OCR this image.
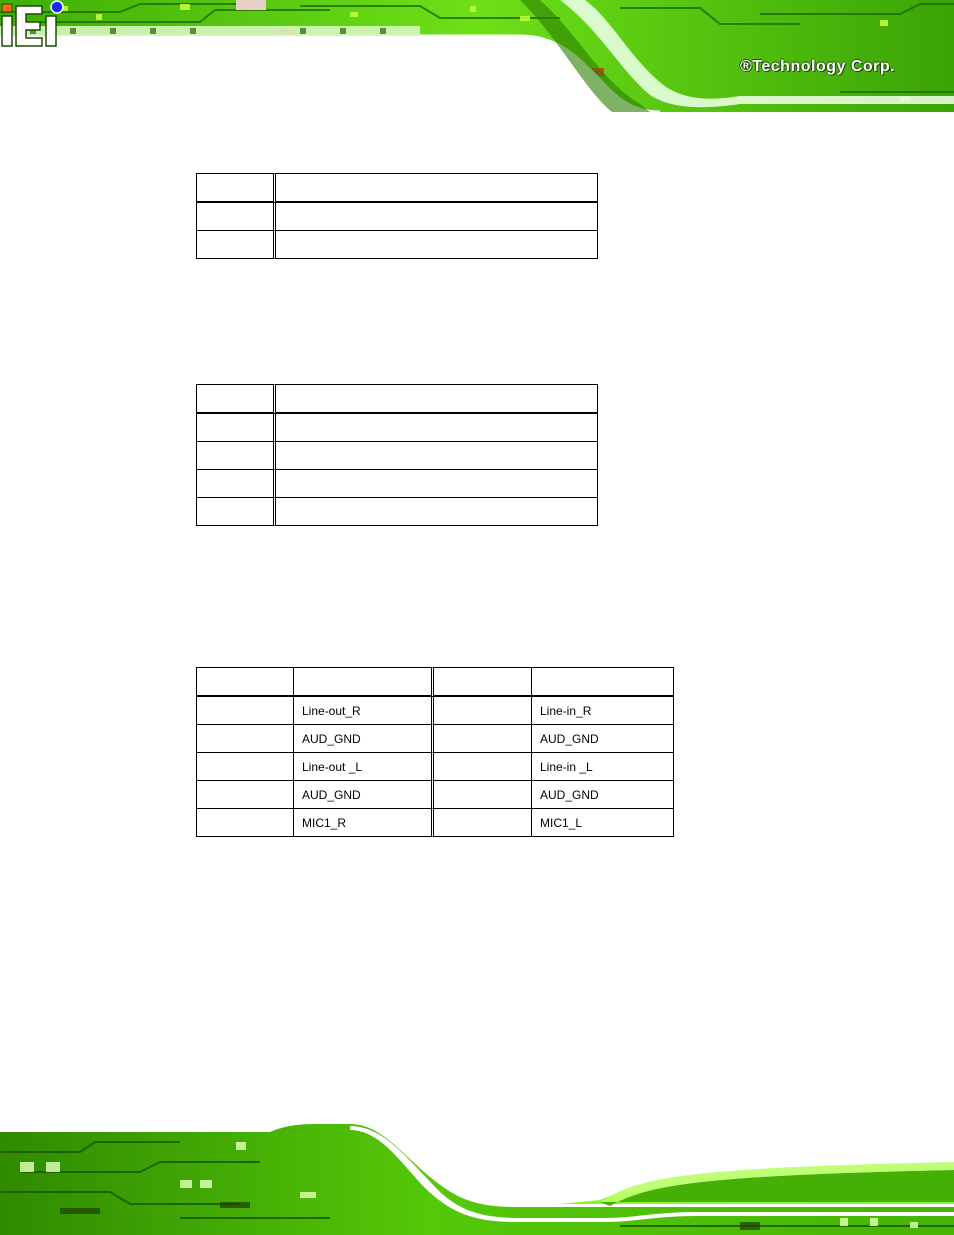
®Technology Corp.

	Line-out_R		Line-in_R
	AUD_GND		AUD_GND
	Line-out _L		Line-in _L
	AUD_GND		AUD_GND
	MIC1_R		MIC1_L
